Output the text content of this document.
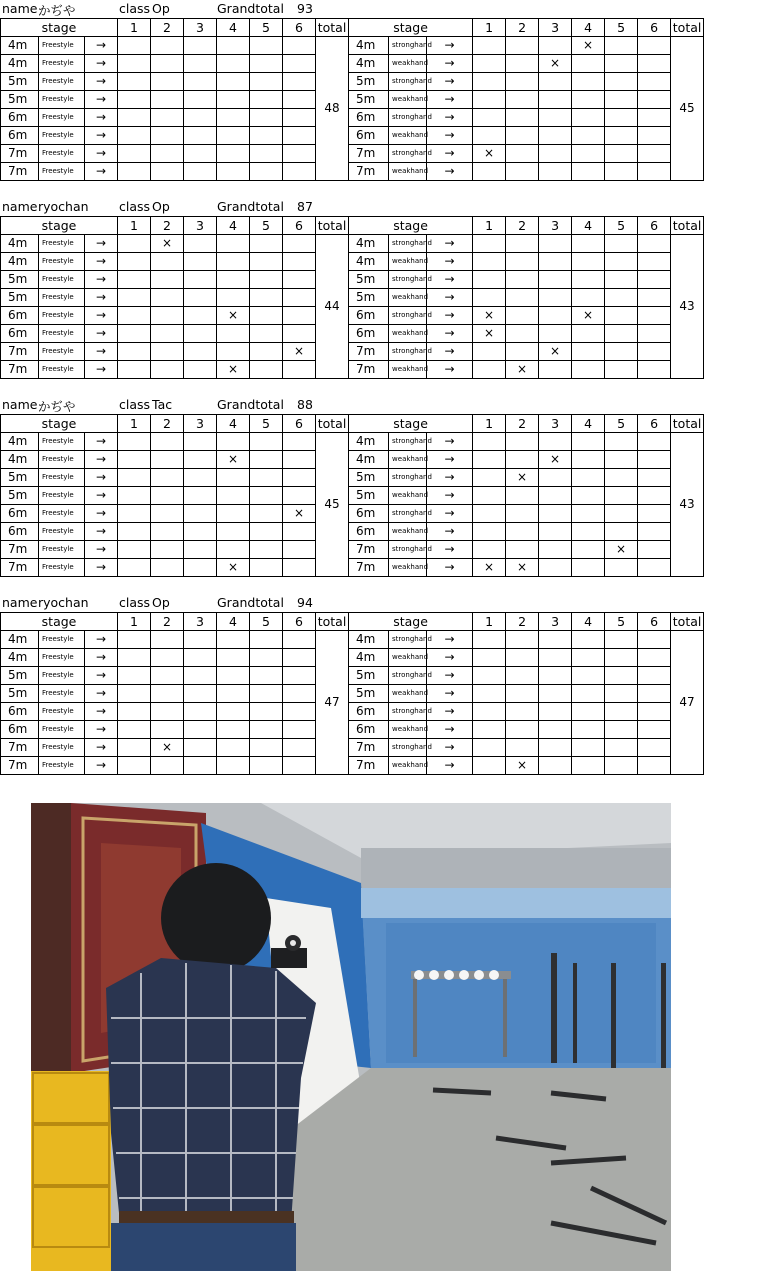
name かぢや	class Op	Grandtotal 93
stage			1	2	3	4	5	6	total	stage			1	2	3	4	5	6	total
4m	Freestyle	→							48	4m	stronghand	→				×			45
4m	Freestyle	→								4m	weakhand	→			×				
5m	Freestyle	→								5m	stronghand	→							
5m	Freestyle	→								5m	weakhand	→							
6m	Freestyle	→								6m	stronghand	→							
6m	Freestyle	→								6m	weakhand	→							
7m	Freestyle	→								7m	stronghand	→	×						
7m	Freestyle	→								7m	weakhand	→							
name ryochan class Op	Grandtotal 87
stage			1	2	3	4	5	6	total	stage			1	2	3	4	5	6	total
4m	Freestyle	→		×					44	4m	stronghand	→							43
4m	Freestyle	→								4m	weakhand	→							
5m	Freestyle	→								5m	stronghand	→							
5m	Freestyle	→								5m	weakhand	→							
6m	Freestyle	→				×				6m	stronghand	→	×			×			
6m	Freestyle	→								6m	weakhand	→	×						
7m	Freestyle	→						×		7m	stronghand	→			×				
7m	Freestyle	→				×				7m	weakhand	→		×					
name かぢや	class Tac	Grandtotal 88
stage			1	2	3	4	5	6	total	stage			1	2	3	4	5	6	total
4m	Freestyle	→							45	4m	stronghand	→							43
4m	Freestyle	→				×				4m	weakhand	→			×				
5m	Freestyle	→								5m	stronghand	→		×					
5m	Freestyle	→								5m	weakhand	→							
6m	Freestyle	→						×		6m	stronghand	→							
6m	Freestyle	→								6m	weakhand	→							
7m	Freestyle	→								7m	stronghand	→					×		
7m	Freestyle	→				×				7m	weakhand	→	×	×					
name ryochan class Op	Grandtotal 94
stage			1	2	3	4	5	6	total	stage			1	2	3	4	5	6	total
4m	Freestyle	→							47	4m	stronghand	→							47
4m	Freestyle	→								4m	weakhand	→							
5m	Freestyle	→								5m	stronghand	→							
5m	Freestyle	→								5m	weakhand	→							
6m	Freestyle	→								6m	stronghand	→							
6m	Freestyle	→								6m	weakhand	→							
7m	Freestyle	→		×						7m	stronghand	→							
7m	Freestyle	→								7m	weakhand	→		×					
